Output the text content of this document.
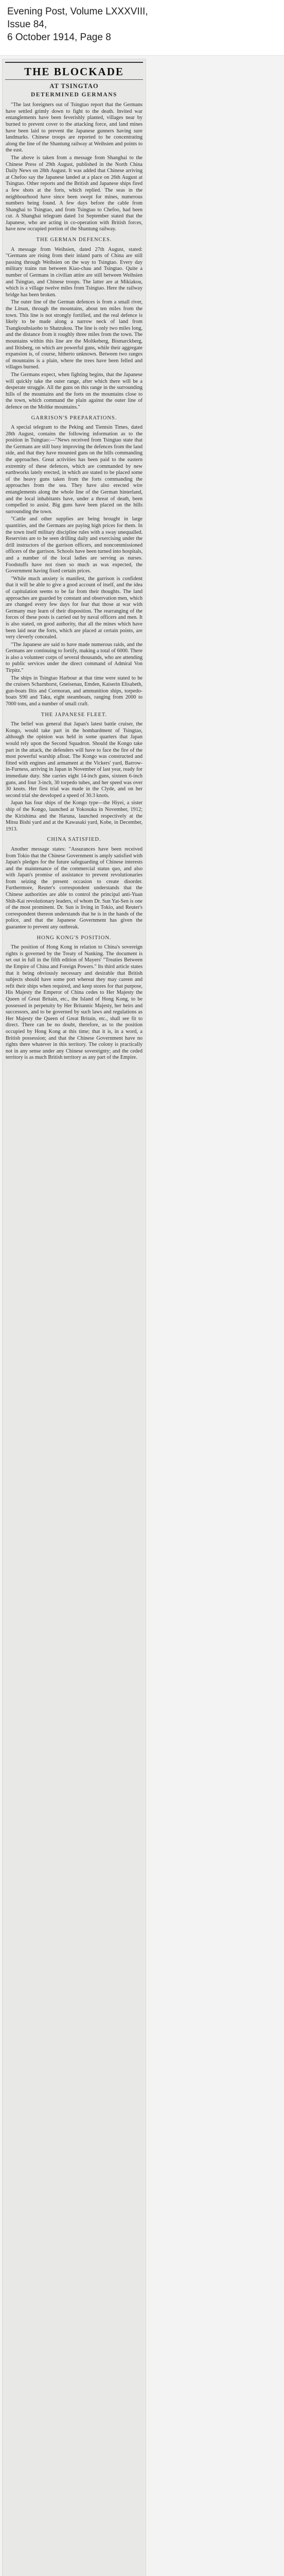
Evening Post, Volume LXXXVIII,
Issue 84,
6 October 1914, Page 8
THE BLOCKADE
AT TSINGTAO
DETERMINED GERMANS

"The last foreigners out of Tsingtao report that the Germans have settled grimly down to fight to the death. Invited war entanglements have been feverishly planted, villages near by burned to prevent cover to the attacking force, and land mines have been laid to prevent the Japanese gunners having sure landmarks. Chinese troops are reported to be concentrating along the line of the Shantung railway at Weihsien and points to the east.

The above is taken from a message from Shanghai to the Chinese Press of 29th August, published in the North China Daily News on 28th August. It was added that Chinese arriving at Chefoo say the Japanese landed at a place on 26th August at Tsingtao. Other reports and the British and Japanese ships fired a few shots at the forts, which replied. The seas in the neighbourhood have since been swept for mines, numerous numbers being found. A few days before the cable from Shanghai to Tsingtao, and from Tsingtao to Chefoo, had been cut. A Shanghai telegram dated 1st September stated that the Japanese, who are acting in co-operation with British forces, have now occupied portion of the Shantung railway.

THE GERMAN DEFENCES.

A message from Weihsien, dated 27th August, stated: "Germans are rising from their inland parts of China are still passing through Weihsien on the way to Tsingtao. Every day military trains run between Kiao-chau and Tsingtao. Quite a number of Germans in civilian attire are still between Weihsien and Tsingtao, and Chinese troops. The latter are at Mikiakou, which is a village twelve miles from Tsingtao. Here the railway bridge has been broken.

The outer line of the German defences is from a small river, the Litsun, through the mountains, about ten miles from the town. This line is not strongly fortified, and the real defence is likely to be made along a narrow neck of land from Tsangkouhsiaoho to Shatzukou. The line is only two miles long, and the distance from it roughly three miles from the town. The mountains within this line are the Moltkeberg, Bismarckberg, and Iltisberg, on which are powerful guns, while their aggregate expansion is, of course, hitherto unknown. Between two ranges of mountains is a plain, where the trees have been felled and villages burned.

The Germans expect, when fighting begins, that the Japanese will quickly take the outer range, after which there will be a desperate struggle. All the guns on this range in the surrounding hills of the mountains and the forts on the mountains close to the town, which command the plain against the outer line of defence on the Moltke mountains."

GARRISON'S PREPARATIONS.

A special telegram to the Peking and Tientsin Times, dated 28th August, contains the following information as to the position in Tsingtao:—"News received from Tsingtao state that the Germans are still busy improving the defences from the land side, and that they have mounted guns on the hills commanding the approaches. Great activities has been paid to the eastern extremity of these defences, which are commanded by new earthworks lately erected, in which are stated to be placed some of the heavy guns taken from the forts commanding the approaches from the sea. They have also erected wire entanglements along the whole line of the German hinterland, and the local inhabitants have, under a threat of death, been compelled to assist. Big guns have been placed on the hills surrounding the town.

"Cattle and other supplies are being brought in large quantities, and the Germans are paying high prices for them. In the town itself military discipline rules with a sway unequalled. Reservists are to be seen drilling daily and exercising under the drill instructors of the garrison officers, and noncommissioned officers of the garrison. Schools have been turned into hospitals, and a number of the local ladies are serving as nurses. Foodstuffs have not risen so much as was expected, the Government having fixed certain prices.

"While much anxiety is manifest, the garrison is confident that it will be able to give a good account of itself, and the idea of capitulation seems to be far from their thoughts. The land approaches are guarded by constant and observation men, which are changed every few days for fear that those at war with Germany may learn of their disposition. The rearranging of the forces of these posts is carried out by naval officers and men. It is also stated, on good authority, that all the mines which have been laid near the forts, which are placed at certain points, are very cleverly concealed.

"The Japanese are said to have made numerous raids, and the Germans are continuing to fortify, making a total of 6000. There is also a volunteer corps of several thousands, who are attending to public services under the direct command of Admiral Von Tirpitz."

The ships in Tsingtao Harbour at that time were stated to be the cruisers Scharnhorst, Gneisenau, Emden, Kaiserin Elisabeth, gun-boats Iltis and Cormoran, and ammunition ships, torpedo-boats S90 and Taku, eight steamboats, ranging from 2000 to 7000 tons, and a number of small craft.

THE JAPANESE FLEET.

The belief was general that Japan's latest battle cruiser, the Kongo, would take part in the bombardment of Tsingtao, although the opinion was held in some quarters that Japan would rely upon the Second Squadron. Should the Kongo take part in the attack, the defenders will have to face the fire of the most powerful warship afloat. The Kongo was constructed and fitted with engines and armament at the Vickers' yard, Barrow-in-Furness, arriving in Japan in November of last year, ready for immediate duty. She carries eight 14-inch guns, sixteen 6-inch guns, and four 3-inch, 30 torpedo tubes, and her speed was over 30 knots. Her first trial was made in the Clyde, and on her second trial she developed a speed of 30.3 knots.

Japan has four ships of the Kongo type—the Hiyei, a sister ship of the Kongo, launched at Yokosuka in November, 1912; the Kirishima and the Haruna, launched respectively at the Mitsu Bishi yard and at the Kawasaki yard, Kobe, in December, 1913.

CHINA SATISFIED.

Another message states: "Assurances have been received from Tokio that the Chinese Government is amply satisfied with Japan's pledges for the future safeguarding of Chinese interests and the maintenance of the commercial status quo, and also with Japan's promise of assistance to prevent revolutionaries from seizing the present occasion to create disorder. Furthermore, Reuter's correspondent understands that the Chinese authorities are able to control the principal anti-Yuan Shih-Kai revolutionary leaders, of whom Dr. Sun Yat-Sen is one of the most prominent. Dr. Sun is living in Tokio, and Reuter's correspondent thereon understands that he is in the hands of the police, and that the Japanese Government has given the guarantee to prevent any outbreak.

HONG KONG'S POSITION.

The position of Hong Kong in relation to China's sovereign rights is governed by the Treaty of Nanking. The document is set out in full in the fifth edition of Mayers' "Treaties Between the Empire of China and Foreign Powers." Its third article states that it being obviously necessary and desirable that British subjects should have some port whereat they may careen and refit their ships when required, and keep stores for that purpose, His Majesty the Emperor of China cedes to Her Majesty the Queen of Great Britain, etc., the Island of Hong Kong, to be possessed in perpetuity by Her Britannic Majesty, her heirs and successors, and to be governed by such laws and regulations as Her Majesty the Queen of Great Britain, etc., shall see fit to direct. There can be no doubt, therefore, as to the position occupied by Hong Kong at this time; that it is, in a word, a British possession; and that the Chinese Government have no rights there whatever in this territory. The colony is practically not in any sense under any Chinese sovereignty; and the ceded territory is as much British territory as any part of the Empire.
